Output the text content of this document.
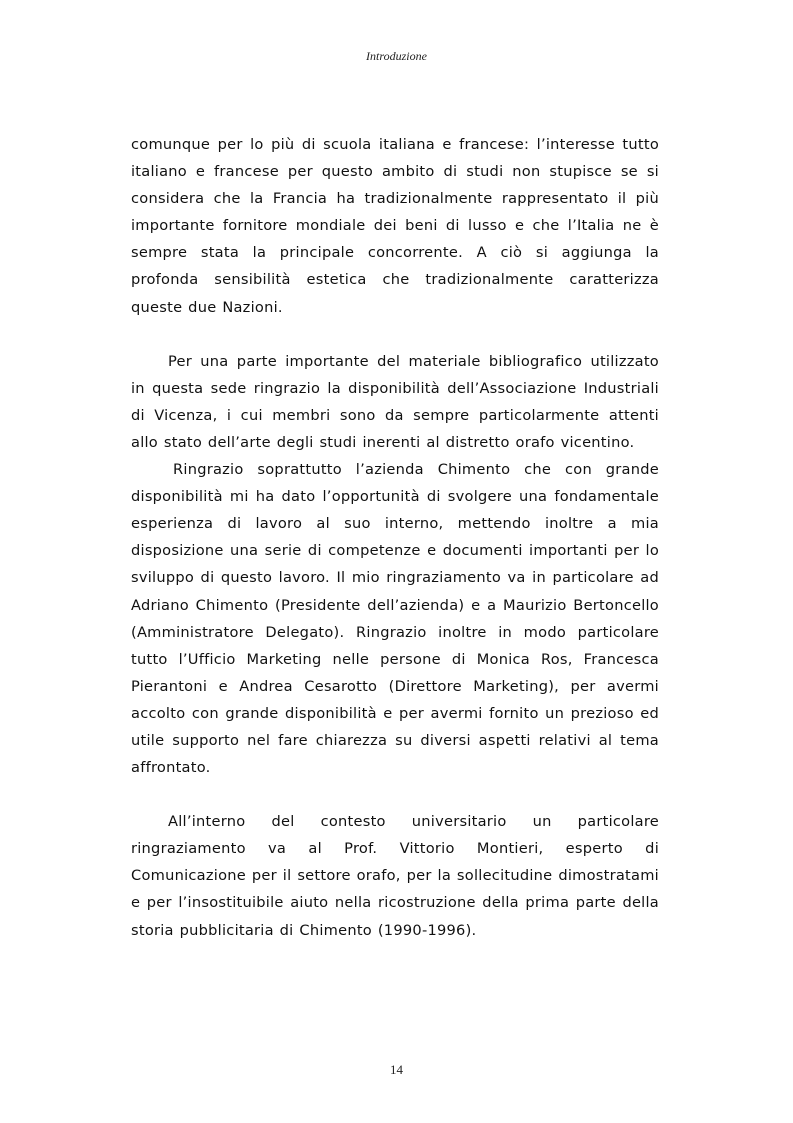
Introduzione

comunque per lo più di scuola italiana e francese: l’interesse tutto italiano e francese per questo ambito di studi non stupisce se si considera che la Francia ha tradizionalmente rappresentato il più importante fornitore mondiale dei beni di lusso e che l’Italia ne è sempre stata la principale concorrente. A ciò si aggiunga la profonda sensibilità estetica che tradizionalmente caratterizza queste due Nazioni.

Per una parte importante del materiale bibliografico utilizzato in questa sede ringrazio la disponibilità dell’Associazione Industriali di Vicenza, i cui membri sono da sempre particolarmente attenti allo stato dell’arte degli studi inerenti al distretto orafo vicentino.

Ringrazio soprattutto l’azienda Chimento che con grande disponibilità mi ha dato l’opportunità di svolgere una fondamentale esperienza di lavoro al suo interno, mettendo inoltre a mia disposizione una serie di competenze e documenti importanti per lo sviluppo di questo lavoro. Il mio ringraziamento va in particolare ad Adriano Chimento (Presidente dell’azienda) e a Maurizio Bertoncello (Amministratore Delegato). Ringrazio inoltre in modo particolare tutto l’Ufficio Marketing nelle persone di Monica Ros, Francesca Pierantoni e Andrea Cesarotto (Direttore Marketing), per avermi accolto con grande disponibilità e per avermi fornito un prezioso ed utile supporto nel fare chiarezza su diversi aspetti relativi al tema affrontato.

All’interno del contesto universitario un particolare ringraziamento va al Prof. Vittorio Montieri, esperto di Comunicazione per il settore orafo, per la sollecitudine dimostratami e per l’insostituibile aiuto nella ricostruzione della prima parte della storia pubblicitaria di Chimento (1990-1996).

14
